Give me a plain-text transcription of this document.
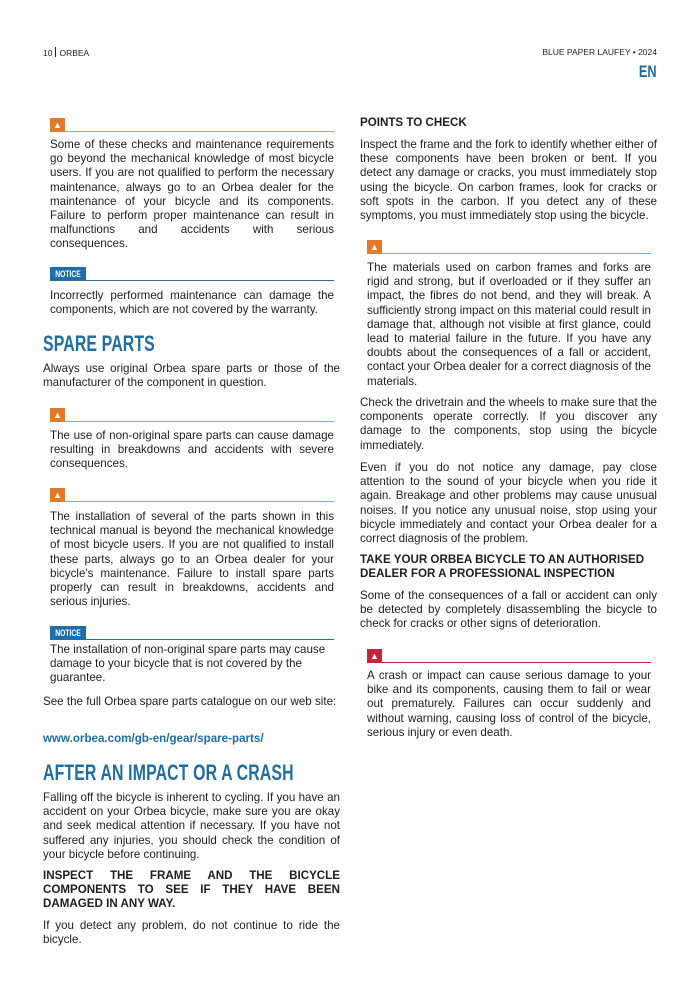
10 ORBEA	BLUE PAPER LAUFEY • 2024
EN
▲

Some of these checks and maintenance requirements go beyond the mechanical knowledge of most bicycle users. If you are not qualified to perform the necessary maintenance, always go to an Orbea dealer for the maintenance of your bicycle and its components. Failure to perform proper maintenance can result in malfunctions and accidents with serious consequences.

NOTICE

Incorrectly performed maintenance can damage the components, which are not covered by the warranty.

SPARE PARTS

Always use original Orbea spare parts or those of the manufacturer of the component in question.

▲

The use of non-original spare parts can cause damage resulting in breakdowns and accidents with severe consequences.

▲

The installation of several of the parts shown in this technical manual is beyond the mechanical knowledge of most bicycle users. If you are not qualified to install these parts, always go to an Orbea dealer for your bicycle's maintenance. Failure to install spare parts properly can result in breakdowns, accidents and serious injuries.

NOTICE

The installation of non-original spare parts may cause damage to your bicycle that is not covered by the guarantee.

See the full Orbea spare parts catalogue on our web site:

www.orbea.com/gb-en/gear/spare-parts/
AFTER AN IMPACT OR A CRASH

Falling off the bicycle is inherent to cycling. If you have an accident on your Orbea bicycle, make sure you are okay and seek medical attention if necessary. If you have not suffered any injuries, you should check the condition of your bicycle before continuing.

INSPECT THE FRAME AND THE BICYCLE COMPONENTS TO SEE IF THEY HAVE BEEN DAMAGED IN ANY WAY.

If you detect any problem, do not continue to ride the bicycle.

POINTS TO CHECK

Inspect the frame and the fork to identify whether either of these components have been broken or bent. If you detect any damage or cracks, you must immediately stop using the bicycle. On carbon frames, look for cracks or soft spots in the carbon. If you detect any of these symptoms, you must immediately stop using the bicycle.

▲

The materials used on carbon frames and forks are rigid and strong, but if overloaded or if they suffer an impact, the fibres do not bend, and they will break. A sufficiently strong impact on this material could result in damage that, although not visible at first glance, could lead to material failure in the future. If you have any doubts about the consequences of a fall or accident, contact your Orbea dealer for a correct diagnosis of the materials.

Check the drivetrain and the wheels to make sure that the components operate correctly. If you discover any damage to the components, stop using the bicycle immediately.

Even if you do not notice any damage, pay close attention to the sound of your bicycle when you ride it again. Breakage and other problems may cause unusual noises. If you notice any unusual noise, stop using your bicycle immediately and contact your Orbea dealer for a correct diagnosis of the problem.

TAKE YOUR ORBEA BICYCLE TO AN AUTHORISED DEALER FOR A PROFESSIONAL INSPECTION

Some of the consequences of a fall or accident can only be detected by completely disassembling the bicycle to check for cracks or other signs of deterioration.

▲

A crash or impact can cause serious damage to your bike and its components, causing them to fail or wear out prematurely. Failures can occur suddenly and without warning, causing loss of control of the bicycle, serious injury or even death.
